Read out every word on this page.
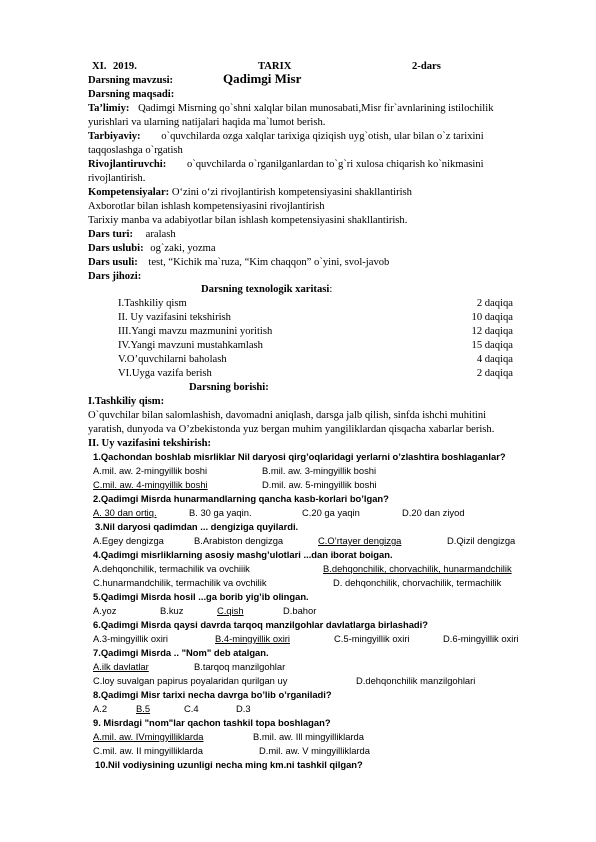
XI. 2019.	TARIX	2-dars
Darsning mavzusi:	Qadimgi Misr
Darsning maqsadi:
Ta’limiy: Qadimgi Misrning qo`shni xalqlar bilan munosabati,Misr fir`avnlarining istilochilik
yurishlari va ularning natijalari haqida ma`lumot berish.
Tarbiyaviy: o`quvchilarda ozga xalqlar tarixiga qiziqish uyg`otish, ular bilan o`z tarixini
taqqoslashga o`rgatish
Rivojlantiruvchi: o`quvchilarda o`rganilganlardan to`g`ri xulosa chiqarish ko`nikmasini
rivojlantirish.
Kompetensiyalar: O‘zini o‘zi rivojlantirish kompetensiyasini shakllantirish
Axborotlar bilan ishlash kompetensiyasini rivojlantirish
Tarixiy manba va adabiyotlar bilan ishlash kompetensiyasini shakllantirish.
Dars turi: aralash
Dars uslubi: og`zaki, yozma
Dars usuli: test, “Kichik ma`ruza, “Kim chaqqon” o`yini, svol-javob
Dars jihozi:
Darsning texnologik xaritasi:
I.Tashkiliy qism	2 daqiqa
II. Uy vazifasini tekshirish	10 daqiqa
III.Yangi mavzu mazmunini yoritish	12 daqiqa
IV.Yangi mavzuni mustahkamlash	15 daqiqa
V.O’quvchilarni baholash	4 daqiqa
VI.Uyga vazifa berish	2 daqiqa
Darsning borishi:
I.Tashkiliy qism:
O`quvchilar bilan salomlashish, davomadni aniqlash, darsga jalb qilish, sinfda ishchi muhitini
yaratish, dunyoda va O’zbekistonda yuz bergan muhim yangiliklardan qisqacha xabarlar berish.
II. Uy vazifasini tekshirish:
1.Qachondan boshlab misrliklar Nil daryosi qirg’oqlaridagi yerlarni o’zlashtira boshlaganlar?
A.mil. aw. 2-mingyillik boshi	B.mil. aw. 3-mingyillik boshi
C.mil. aw. 4-mingyillik boshi	D.mil. aw. 5-mingyillik boshi
2.Qadimgi Misrda hunarmandlarning qancha kasb-korlari bo’lgan?
A. 30 dan ortiq.	B. 30 ga yaqin.	C.20 ga yaqin	D.20 dan ziyod
3.Nil daryosi qadimdan ... dengiziga quyilardi.
A.Egey dengizga	B.Arabiston dengizga	C.O’rtayer dengizga	D.Qizil dengizga
4.Qadimgi misrliklarning asosiy mashg’ulotlari ...dan iborat boigan.
A.dehqonchilik, termachilik va ovchiiik	B.dehqonchilik, chorvachilik, hunarmandchilik
C.hunarmandchilik, termachilik va ovchilik	D. dehqonchilik, chorvachilik, termachilik
5.Qadimgi Misrda hosil ...ga borib yig’ib olingan.
A.yoz	B.kuz	C.qish	D.bahor
6.Qadimgi Misrda qaysi davrda tarqoq manzilgohlar davlatlarga birlashadi?
A.3-mingyillik oxiri	B.4-mingyillik oxiri	C.5-mingyillik oxiri	D.6-mingyillik oxiri
7.Qadimgi Misrda .. "Nom" deb atalgan.
A.ilk davlatlar	B.tarqoq manzilgohlar
C.loy suvalgan papirus poyalaridan qurilgan uy	D.dehqonchilik manzilgohlari
8.Qadimgi Misr tarixi necha davrga bo’lib o’rganiladi?
A.2	B.5	C.4	D.3
9. Misrdagi "nom"lar qachon tashkil topa boshlagan?
A.mil. aw. IVmingyilliklarda	B.mil. aw. Ill mingyilliklarda
C.mil. aw. II mingyilliklarda	D.mil. aw. V mingyilliklarda
10.Nil vodiysining uzunligi necha ming km.ni tashkil qilgan?
